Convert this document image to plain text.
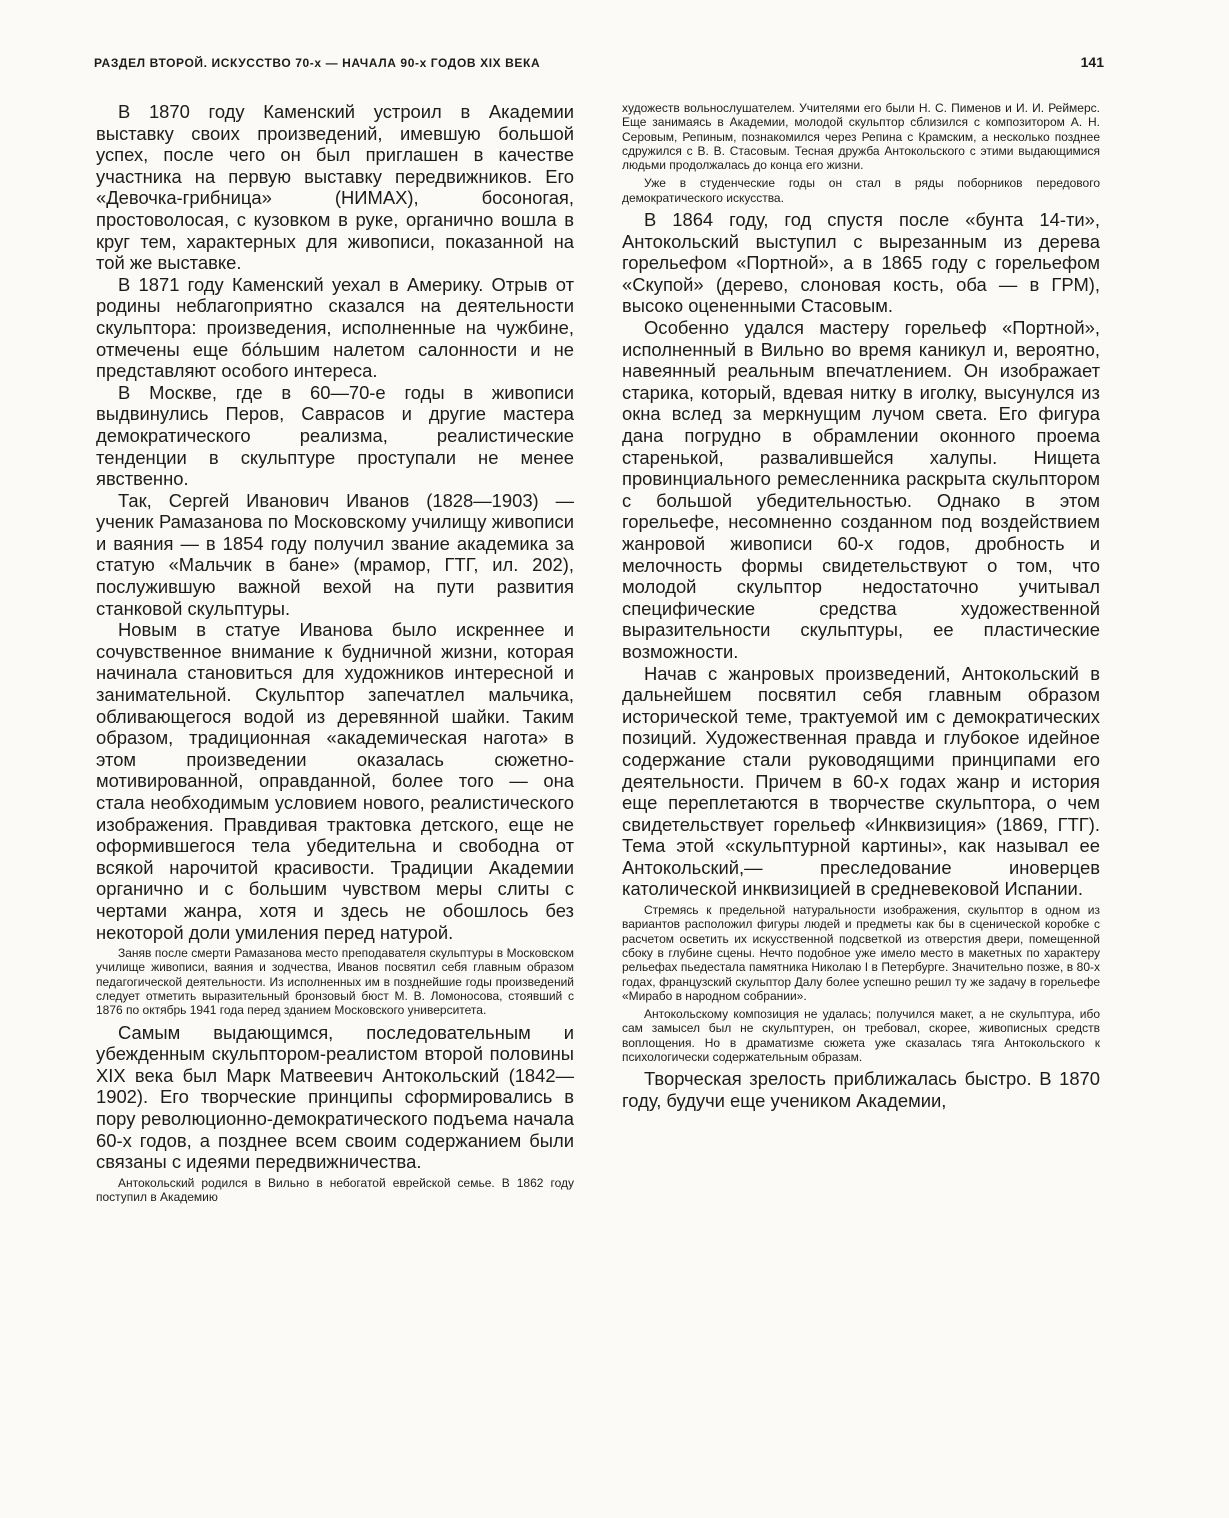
РАЗДЕЛ ВТОРОЙ. ИСКУССТВО 70-х — НАЧАЛА 90-х ГОДОВ XIX ВЕКА	141

В 1870 году Каменский устроил в Академии выставку своих произведений, имевшую большой успех, после чего он был приглашен в качестве участника на первую выставку передвижников. Его «Девочка-грибница» (НИМАХ), босоногая, простоволосая, с кузовком в руке, органично вошла в круг тем, характерных для живописи, показанной на той же выставке.

В 1871 году Каменский уехал в Америку. Отрыв от родины неблагоприятно сказался на деятельности скульптора: произведения, исполненные на чужбине, отмечены еще бо́льшим налетом салонности и не представляют особого интереса.

В Москве, где в 60—70-е годы в живописи выдвинулись Перов, Саврасов и другие мастера демократического реализма, реалистические тенденции в скульптуре проступали не менее явственно.

Так, Сергей Иванович Иванов (1828—1903) — ученик Рамазанова по Московскому училищу живописи и ваяния — в 1854 году получил звание академика за статую «Мальчик в бане» (мрамор, ГТГ, ил. 202), послужившую важной вехой на пути развития станковой скульптуры.

Новым в статуе Иванова было искреннее и сочувственное внимание к будничной жизни, которая начинала становиться для художников интересной и занимательной. Скульптор запечатлел мальчика, обливающегося водой из деревянной шайки. Таким образом, традиционная «академическая нагота» в этом произведении оказалась сюжетно-мотивированной, оправданной, более того — она стала необходимым условием нового, реалистического изображения. Правдивая трактовка детского, еще не оформившегося тела убедительна и свободна от всякой нарочитой красивости. Традиции Академии органично и с большим чувством меры слиты с чертами жанра, хотя и здесь не обошлось без некоторой доли умиления перед натурой.

Заняв после смерти Рамазанова место преподавателя скульптуры в Московском училище живописи, ваяния и зодчества, Иванов посвятил себя главным образом педагогической деятельности. Из исполненных им в позднейшие годы произведений следует отметить выразительный бронзовый бюст М. В. Ломоносова, стоявший с 1876 по октябрь 1941 года перед зданием Московского университета.

Самым выдающимся, последовательным и убежденным скульптором-реалистом второй половины XIX века был Марк Матвеевич Антокольский (1842—1902). Его творческие принципы сформировались в пору революционно-демократического подъема начала 60-х годов, а позднее всем своим содержанием были связаны с идеями передвижничества.

Антокольский родился в Вильно в небогатой еврейской семье. В 1862 году поступил в Академию

художеств вольнослушателем. Учителями его были Н. С. Пименов и И. И. Реймерс. Еще занимаясь в Академии, молодой скульптор сблизился с композитором А. Н. Серовым, Репиным, познакомился через Репина с Крамским, а несколько позднее сдружился с В. В. Стасовым. Тесная дружба Антокольского с этими выдающимися людьми продолжалась до конца его жизни.

Уже в студенческие годы он стал в ряды поборников передового демократического искусства.

В 1864 году, год спустя после «бунта 14-ти», Антокольский выступил с вырезанным из дерева горельефом «Портной», а в 1865 году с горельефом «Скупой» (дерево, слоновая кость, оба — в ГРМ), высоко оцененными Стасовым.

Особенно удался мастеру горельеф «Портной», исполненный в Вильно во время каникул и, вероятно, навеянный реальным впечатлением. Он изображает старика, который, вдевая нитку в иголку, высунулся из окна вслед за меркнущим лучом света. Его фигура дана погрудно в обрамлении оконного проема старенькой, развалившейся халупы. Нищета провинциального ремесленника раскрыта скульптором с большой убедительностью. Однако в этом горельефе, несомненно созданном под воздействием жанровой живописи 60-х годов, дробность и мелочность формы свидетельствуют о том, что молодой скульптор недостаточно учитывал специфические средства художественной выразительности скульптуры, ее пластические возможности.

Начав с жанровых произведений, Антокольский в дальнейшем посвятил себя главным образом исторической теме, трактуемой им с демократических позиций. Художественная правда и глубокое идейное содержание стали руководящими принципами его деятельности. Причем в 60-х годах жанр и история еще переплетаются в творчестве скульптора, о чем свидетельствует горельеф «Инквизиция» (1869, ГТГ). Тема этой «скульптурной картины», как называл ее Антокольский,— преследование иноверцев католической инквизицией в средневековой Испании.

Стремясь к предельной натуральности изображения, скульптор в одном из вариантов расположил фигуры людей и предметы как бы в сценической коробке с расчетом осветить их искусственной подсветкой из отверстия двери, помещенной сбоку в глубине сцены. Нечто подобное уже имело место в макетных по характеру рельефах пьедестала памятника Николаю I в Петербурге. Значительно позже, в 80-х годах, французский скульптор Далу более успешно решил ту же задачу в горельефе «Мирабо в народном собрании».

Антокольскому композиция не удалась; получился макет, а не скульптура, ибо сам замысел был не скульптурен, он требовал, скорее, живописных средств воплощения. Но в драматизме сюжета уже сказалась тяга Антокольского к психологически содержательным образам.

Творческая зрелость приближалась быстро. В 1870 году, будучи еще учеником Академии,
